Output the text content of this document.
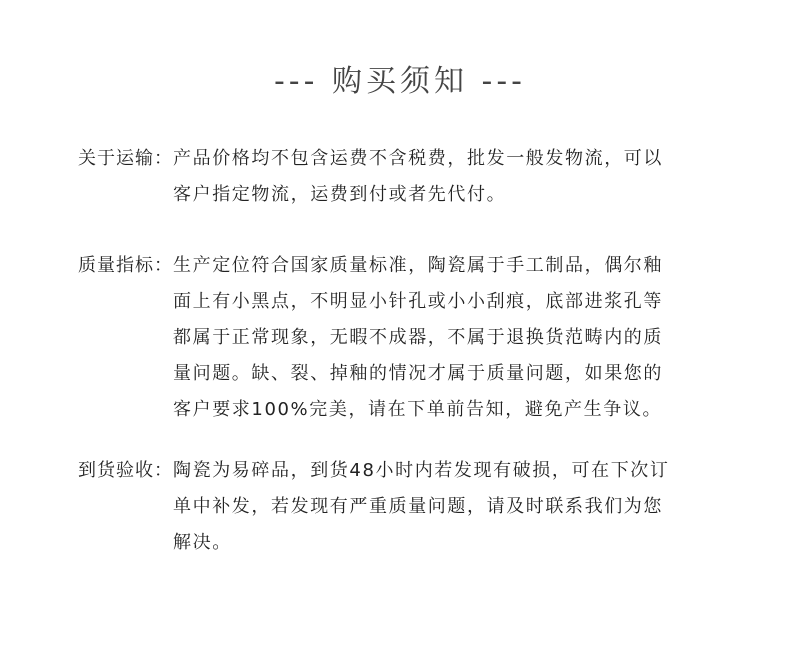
--- 购买须知 ---
关于运输： 产品价格均不包含运费不含税费，批发一般发物流，可以
客户指定物流，运费到付或者先代付。
质量指标： 生产定位符合国家质量标准，陶瓷属于手工制品，偶尔釉
面上有小黑点，不明显小针孔或小小刮痕，底部进浆孔等
都属于正常现象，无暇不成器，不属于退换货范畴内的质
量问题。缺、裂、掉釉的情况才属于质量问题，如果您的
客户要求100%完美，请在下单前告知，避免产生争议。
到货验收： 陶瓷为易碎品，到货48小时内若发现有破损，可在下次订
单中补发，若发现有严重质量问题，请及时联系我们为您
解决。
